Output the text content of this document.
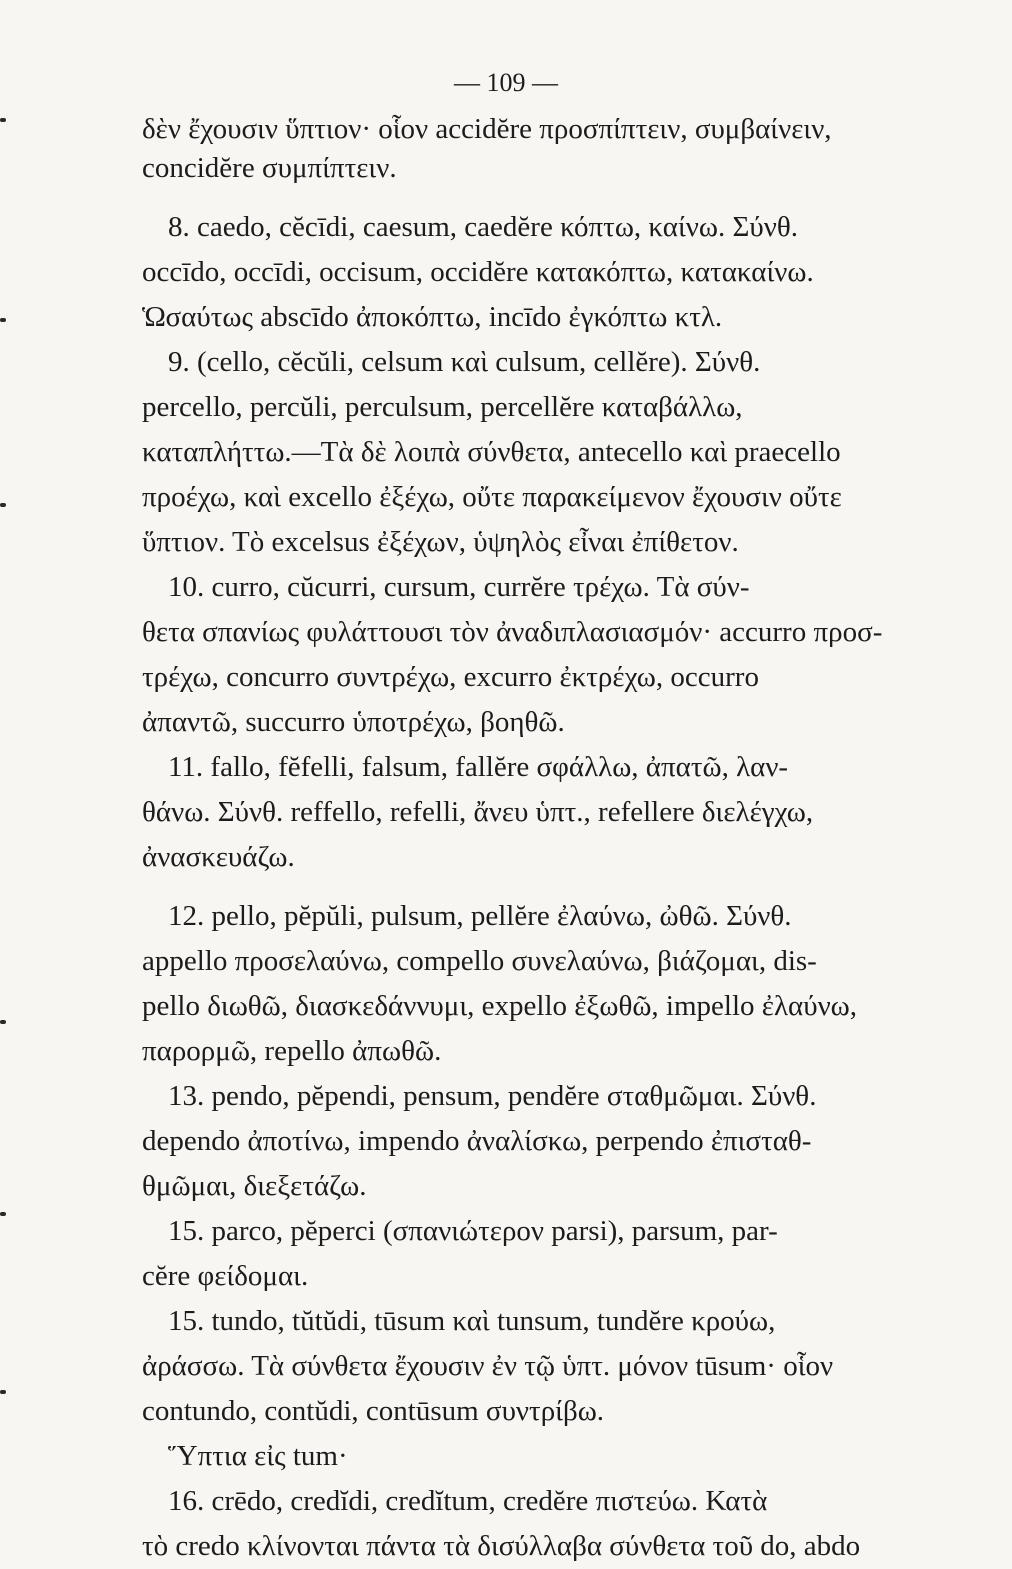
— 109 —
δὲν ἔχουσιν ὕπτιον· οἷον accidĕre προσπίπτειν, συμβαίνειν,
concidĕre συμπίπτειν.
8. caedo, cĕcīdi, caesum, caedĕre κόπτω, καίνω. Σύνθ.
occīdo, occīdi, occisum, occidĕre κατακόπτω, κατακαίνω.
Ὡσαύτως abscīdo ἀποκόπτω, incīdo ἐγκόπτω κτλ.
9. (cello, cĕcŭli, celsum καὶ culsum, cellĕre). Σύνθ.
percello, percŭli, perculsum, percellĕre καταβάλλω,
καταπλήττω.—Τὰ δὲ λοιπὰ σύνθετα, antecello καὶ praecello
προέχω, καὶ excello ἐξέχω, οὔτε παρακείμενον ἔχουσιν οὔτε
ὕπτιον. Τὸ excelsus ἐξέχων, ὑψηλὸς εἶναι ἐπίθετον.
10. curro, cŭcurri, cursum, currĕre τρέχω. Τὰ σύν-
θετα σπανίως φυλάττουσι τὸν ἀναδιπλασιασμόν· accurro προσ-
τρέχω, concurro συντρέχω, excurro ἐκτρέχω, occurro
ἀπαντῶ, succurro ὑποτρέχω, βοηθῶ.
11. fallo, fĕfelli, falsum, fallĕre σφάλλω, ἀπατῶ, λαν-
θάνω. Σύνθ. reffello, refelli, ἄνευ ὑπτ., refellere διελέγχω,
ἀνασκευάζω.
12. pello, pĕpŭli, pulsum, pellĕre ἐλαύνω, ὠθῶ. Σύνθ.
appello προσελαύνω, compello συνελαύνω, βιάζομαι, dis-
pello διωθῶ, διασκεδάννυμι, expello ἐξωθῶ, impello ἐλαύνω,
παρορμῶ, repello ἀπωθῶ.
13. pendo, pĕpendi, pensum, pendĕre σταθμῶμαι. Σύνθ.
dependo ἀποτίνω, impendo ἀναλίσκω, perpendo ἐπισταθ-
θμῶμαι, διεξετάζω.
15. parco, pĕperci (σπανιώτερον parsi), parsum, par-
cĕre φείδομαι.
15. tundo, tŭtŭdi, tūsum καὶ tunsum, tundĕre κρούω,
ἀράσσω. Τὰ σύνθετα ἔχουσιν ἐν τῷ ὑπτ. μόνον tūsum· οἷον
contundo, contŭdi, contūsum συντρίβω.
Ὕπτια εἰς tum·
16. crēdo, credĭdi, credĭtum, credĕre πιστεύω. Κατὰ
τὸ credo κλίνονται πάντα τὰ δισύλλαβα σύνθετα τοῦ do, abdo
